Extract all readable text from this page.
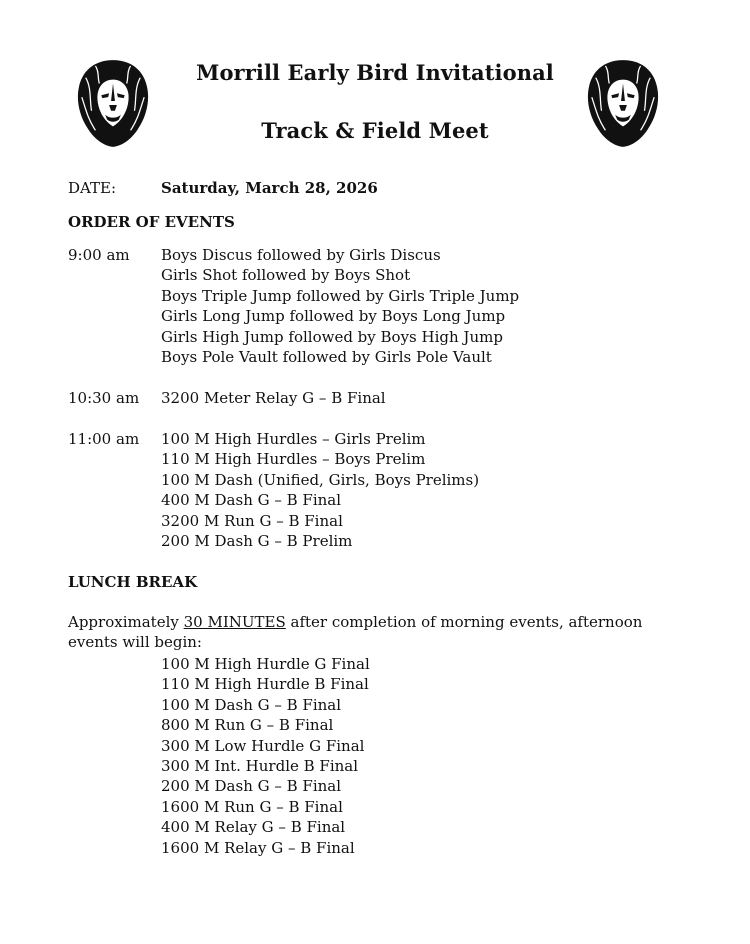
Morrill Early Bird Invitational
Track & Field Meet
DATE:	Saturday, March 28, 2026
ORDER OF EVENTS
9:00 am Boys Discus followed by Girls Discus
Girls Shot followed by Boys Shot
Boys Triple Jump followed by Girls Triple Jump
Girls Long Jump followed by Boys Long Jump
Girls High Jump followed by Boys High Jump
Boys Pole Vault followed by Girls Pole Vault
10:30 am 3200 Meter Relay G – B Final
11:00 am 100 M High Hurdles – Girls Prelim
110 M High Hurdles – Boys Prelim
100 M Dash (Unified, Girls, Boys Prelims)
400 M Dash G – B Final
3200 M Run G – B Final
200 M Dash G – B Prelim
LUNCH BREAK
Approximately 30 MINUTES after completion of morning events, afternoon events will begin:
100 M High Hurdle G Final
110 M High Hurdle B Final
100 M Dash G – B Final
800 M Run G – B Final
300 M Low Hurdle G Final
300 M Int. Hurdle B Final
200 M Dash G – B Final
1600 M Run G – B Final
400 M Relay G – B Final
1600 M Relay G – B Final
